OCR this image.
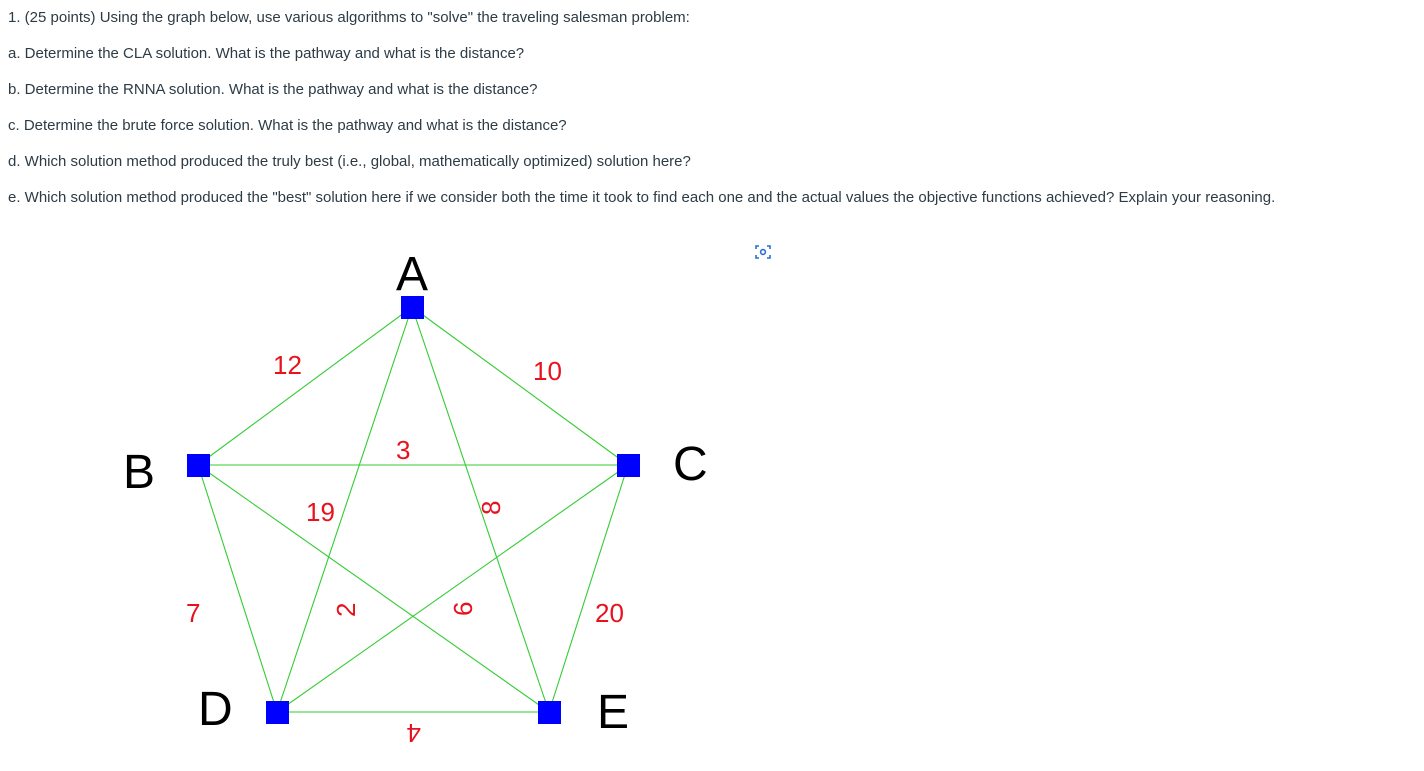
1. (25 points) Using the graph below, use various algorithms to "solve" the traveling salesman problem:

a. Determine the CLA solution. What is the pathway and what is the distance?

b. Determine the RNNA solution. What is the pathway and what is the distance?

c. Determine the brute force solution. What is the pathway and what is the distance?

d. Which solution method produced the truly best (i.e., global, mathematically optimized) solution here?

e. Which solution method produced the "best" solution here if we consider both the time it took to find each one and the actual values the objective functions achieved? Explain your reasoning.

A
B	C
D	E
12	10
3
19	8
7	2	6	20
4
